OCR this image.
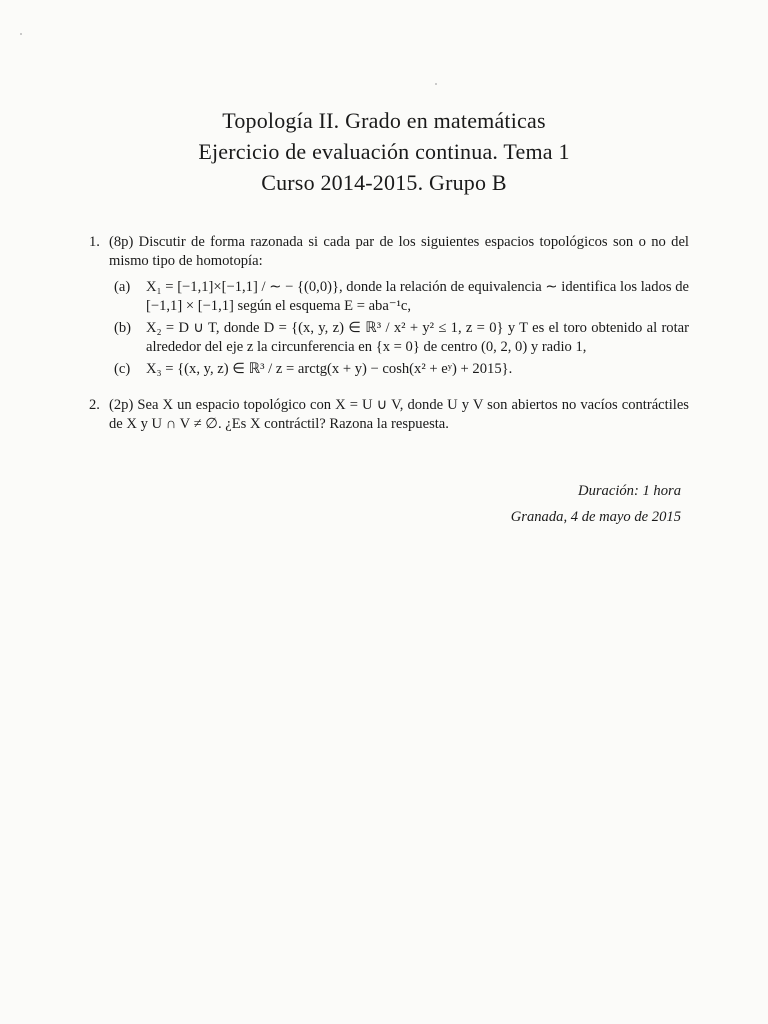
Topología II. Grado en matemáticas
Ejercicio de evaluación continua. Tema 1
Curso 2014-2015. Grupo B
1. (8p) Discutir de forma razonada si cada par de los siguientes espacios topológicos son o no del mismo tipo de homotopía:
(a) X₁ = [−1,1]×[−1,1] / ∼ − {(0,0)}, donde la relación de equivalencia ∼ identifica los lados de [−1,1] × [−1,1] según el esquema E = aba⁻¹c,
(b) X₂ = D ∪ T, donde D = {(x, y, z) ∈ ℝ³ / x² + y² ≤ 1, z = 0} y T es el toro obtenido al rotar alrededor del eje z la circunferencia en {x = 0} de centro (0, 2, 0) y radio 1,
(c) X₃ = {(x, y, z) ∈ ℝ³ / z = arctg(x + y) − cosh(x² + eʸ) + 2015}.
2. (2p) Sea X un espacio topológico con X = U ∪ V, donde U y V son abiertos no vacíos contráctiles de X y U ∩ V ≠ ∅. ¿Es X contráctil? Razona la respuesta.
Duración: 1 hora
Granada, 4 de mayo de 2015
